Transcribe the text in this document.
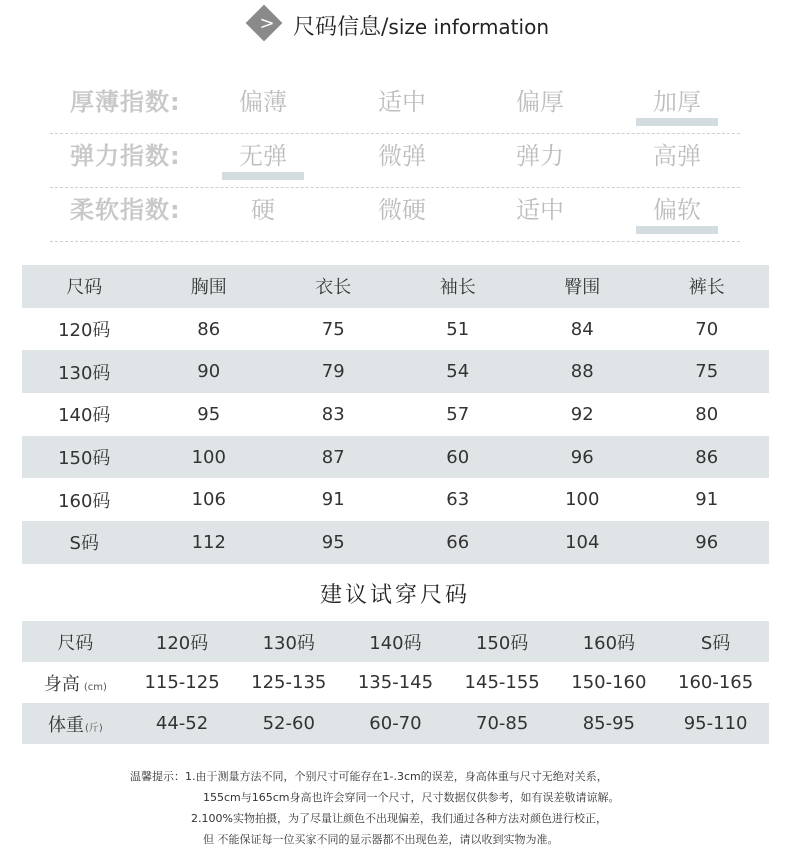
> 尺码信息/size information
厚薄指数:	偏薄	适中	偏厚	加厚
弹力指数:	无弹	微弹	弹力	高弹
柔软指数:	硬	微硬	适中	偏软
尺码	胸围	衣长	袖长	臀围	裤长
120码	86	75	51	84	70
130码	90	79	54	88	75
140码	95	83	57	92	80
150码	100	87	60	96	86
160码	106	91	63	100	91
S码	112	95	66	104	96
建议试穿尺码
尺码	120码	130码	140码	150码	160码	S码
身高 (cm)	115-125	125-135	135-145	145-155	150-160	160-165
体重(斤)	44-52	52-60	60-70	70-85	85-95	95-110
温馨提示：1.由于测量方法不同，个别尺寸可能存在1-.3cm的误差，身高体重与尺寸无绝对关系，
155cm与165cm身高也许会穿同一个尺寸，尺寸数据仅供参考，如有误差敬请谅解。
2.100%实物拍摄，为了尽量让颜色不出现偏差，我们通过各种方法对颜色进行校正，
但 不能保证每一位买家不同的显示器都不出现色差，请以收到实物为准。
